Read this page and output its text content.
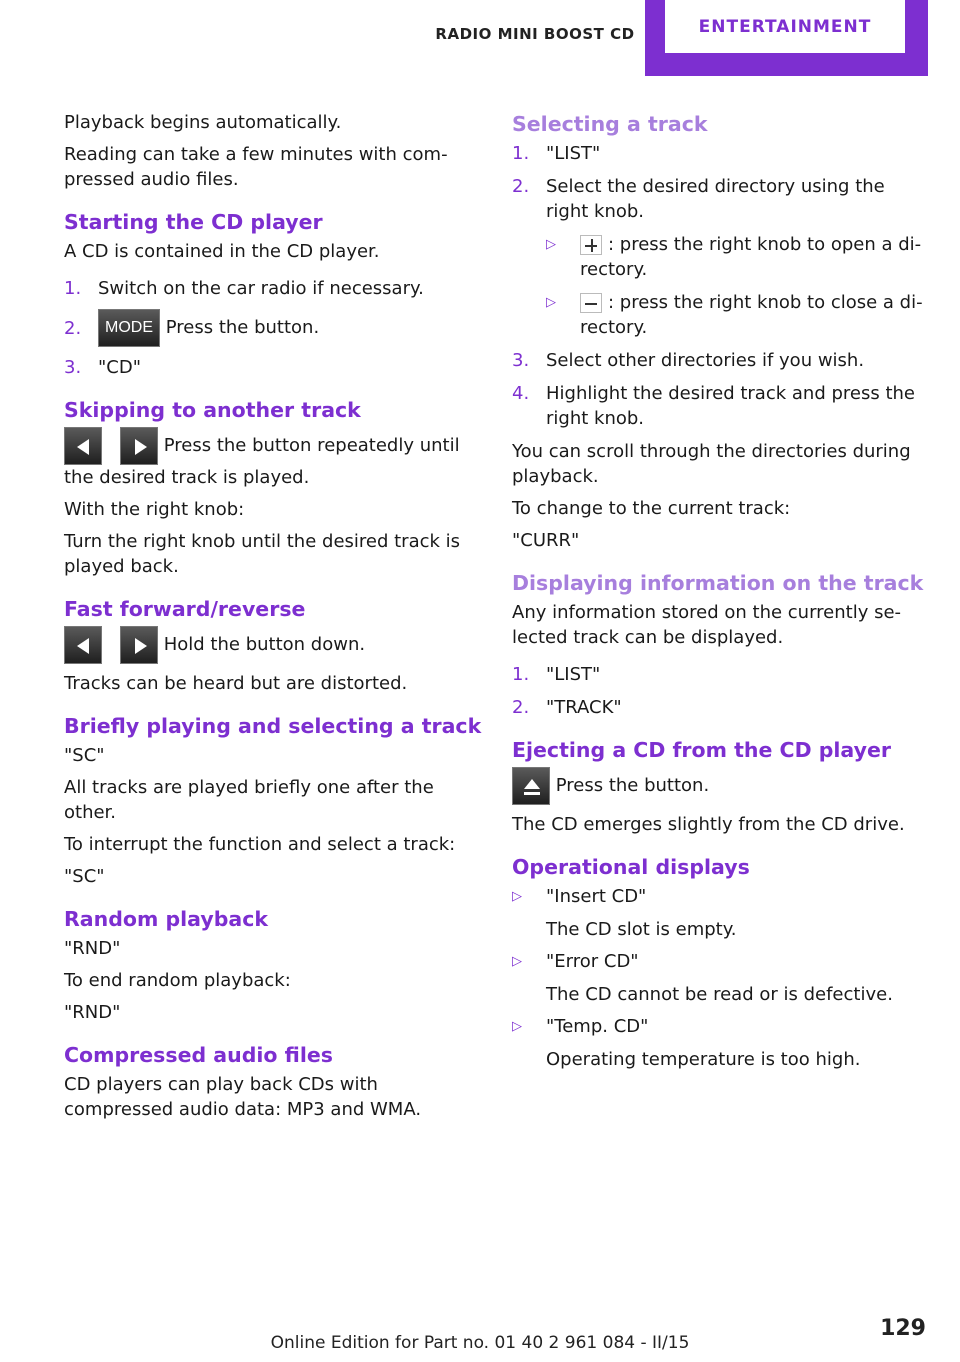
RADIO MINI BOOST CD	ENTERTAINMENT
Playback begins automatically.
Reading can take a few minutes with compressed audio files.
Starting the CD player
A CD is contained in the CD player.
1. Switch on the car radio if necessary.
2.	MODE Press the button.
3. "CD"
Skipping to another track
Press the button repeatedly until the desired track is played.
With the right knob:
Turn the right knob until the desired track is played back.
Fast forward/reverse
Hold the button down.
Tracks can be heard but are distorted.
Briefly playing and selecting a track
"SC"
All tracks are played briefly one after the other.
To interrupt the function and select a track:
"SC"
Random playback
"RND"
To end random playback:
"RND"
Compressed audio files
CD players can play back CDs with compressed audio data: MP3 and WMA.
Selecting a track
1. "LIST"
2. Select the desired directory using the right knob.
▷	: press the right knob to open a directory.
▷	: press the right knob to close a directory.
3. Select other directories if you wish.
4. Highlight the desired track and press the right knob.
You can scroll through the directories during playback.
To change to the current track:
"CURR"
Displaying information on the track
Any information stored on the currently selected track can be displayed.
1. "LIST"
2. "TRACK"
Ejecting a CD from the CD player
Press the button.
The CD emerges slightly from the CD drive.
Operational displays
▷	"Insert CD"
The CD slot is empty.
▷	"Error CD"
The CD cannot be read or is defective.
▷	"Temp. CD"
Operating temperature is too high.
129
Online Edition for Part no. 01 40 2 961 084 - II/15
